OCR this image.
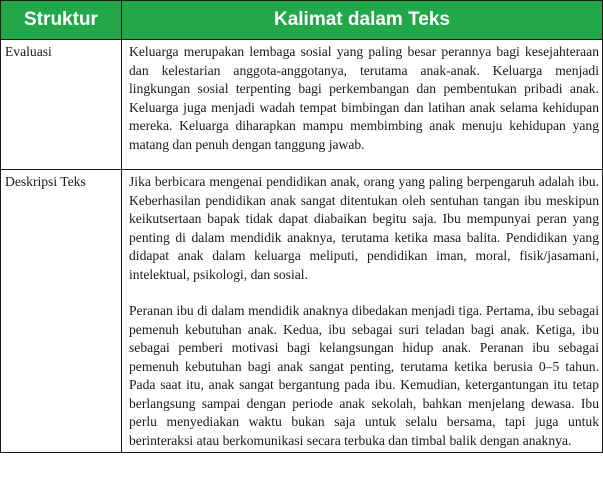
Struktur	Kalimat dalam Teks
Evaluasi	Keluarga merupakan lembaga sosial yang paling besar perannya bagi kesejahteraan dan kelestarian anggota-anggotanya, terutama anak-anak. Keluarga menjadi lingkungan sosial terpenting bagi perkembangan dan pembentukan pribadi anak. Keluarga juga menjadi wadah tempat bimbingan dan latihan anak selama kehidupan mereka. Keluarga diharapkan mampu membimbing anak menuju kehidupan yang matang dan penuh dengan tanggung jawab.

Deskripsi Teks	Jika berbicara mengenai pendidikan anak, orang yang paling berpengaruh adalah ibu. Keberhasilan pendidikan anak sangat ditentukan oleh sentuhan tangan ibu meskipun keikutsertaan bapak tidak dapat diabaikan begitu saja. Ibu mempunyai peran yang penting di dalam mendidik anaknya, terutama ketika masa balita. Pendidikan yang didapat anak dalam keluarga meliputi, pendidikan iman, moral, fisik/jasamani, intelektual, psikologi, dan sosial.

Peranan ibu di dalam mendidik anaknya dibedakan menjadi tiga. Pertama, ibu sebagai pemenuh kebutuhan anak. Kedua, ibu sebagai suri teladan bagi anak. Ketiga, ibu sebagai pemberi motivasi bagi kelangsungan hidup anak. Peranan ibu sebagai pemenuh kebutuhan bagi anak sangat penting, terutama ketika berusia 0–5 tahun. Pada saat itu, anak sangat bergantung pada ibu. Kemudian, ketergantungan itu tetap berlangsung sampai dengan periode anak sekolah, bahkan menjelang dewasa. Ibu perlu menyediakan waktu bukan saja untuk selalu bersama, tapi juga untuk berinteraksi atau berkomunikasi secara terbuka dan timbal balik dengan anaknya.
